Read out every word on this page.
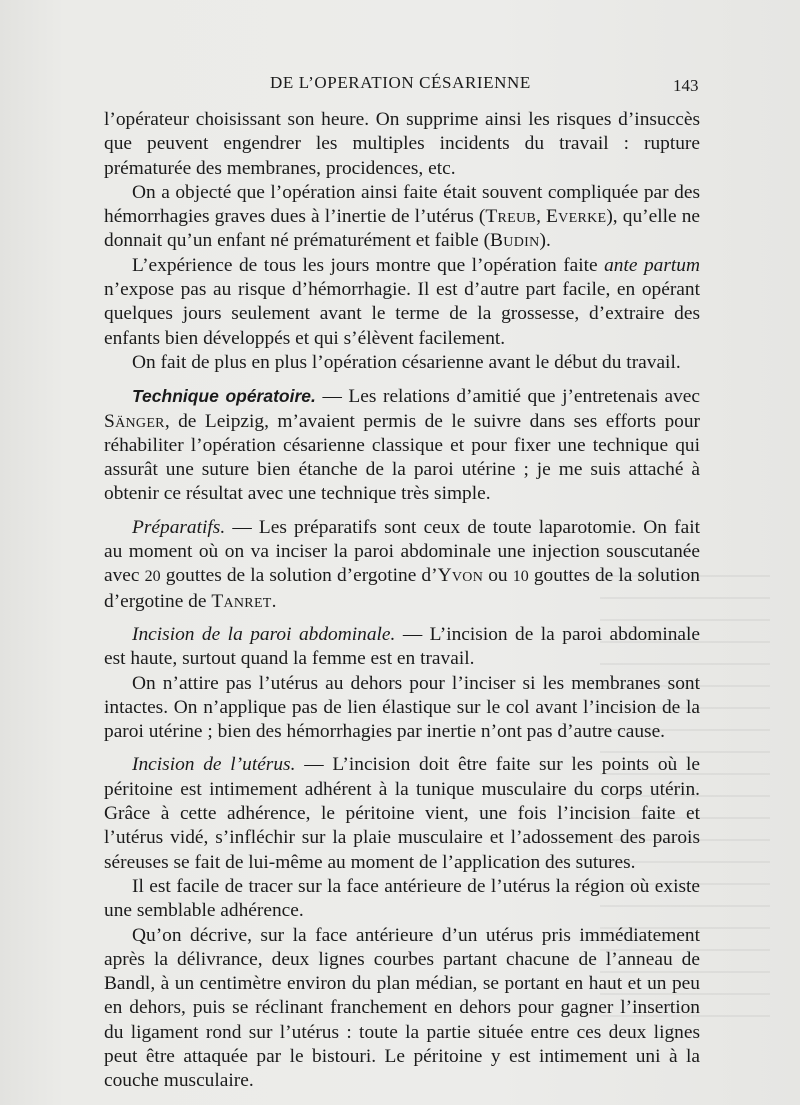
DE L’OPERATION CÉSARIENNE	143

l’opérateur choisissant son heure. On supprime ainsi les risques d’insuccès que peuvent engendrer les multiples incidents du travail : rupture prématurée des membranes, procidences, etc.

On a objecté que l’opération ainsi faite était souvent compliquée par des hémorrhagies graves dues à l’inertie de l’utérus (Treub, Everke), qu’elle ne donnait qu’un enfant né prématurément et faible (Budin).

L’expérience de tous les jours montre que l’opération faite ante partum n’expose pas au risque d’hémorrhagie. Il est d’autre part facile, en opérant quelques jours seulement avant le terme de la grossesse, d’extraire des enfants bien développés et qui s’élèvent facilement.

On fait de plus en plus l’opération césarienne avant le début du travail.

Technique opératoire. — Les relations d’amitié que j’entretenais avec Sänger, de Leipzig, m’avaient permis de le suivre dans ses efforts pour réhabiliter l’opération césarienne classique et pour fixer une technique qui assurât une suture bien étanche de la paroi utérine ; je me suis attaché à obtenir ce résultat avec une technique très simple.

Préparatifs. — Les préparatifs sont ceux de toute laparotomie. On fait au moment où on va inciser la paroi abdominale une injection souscutanée avec 20 gouttes de la solution d’ergotine d’Yvon ou 10 gouttes de la solution d’ergotine de Tanret.

Incision de la paroi abdominale. — L’incision de la paroi abdominale est haute, surtout quand la femme est en travail.

On n’attire pas l’utérus au dehors pour l’inciser si les membranes sont intactes. On n’applique pas de lien élastique sur le col avant l’incision de la paroi utérine ; bien des hémorrhagies par inertie n’ont pas d’autre cause.

Incision de l’utérus. — L’incision doit être faite sur les points où le péritoine est intimement adhérent à la tunique musculaire du corps utérin. Grâce à cette adhérence, le péritoine vient, une fois l’incision faite et l’utérus vidé, s’infléchir sur la plaie musculaire et l’adossement des parois séreuses se fait de lui-même au moment de l’application des sutures.

Il est facile de tracer sur la face antérieure de l’utérus la région où existe une semblable adhérence.

Qu’on décrive, sur la face antérieure d’un utérus pris immédiatement après la délivrance, deux lignes courbes partant chacune de l’anneau de Bandl, à un centimètre environ du plan médian, se portant en haut et un peu en dehors, puis se réclinant franchement en dehors pour gagner l’insertion du ligament rond sur l’utérus : toute la partie située entre ces deux lignes peut être attaquée par le bistouri. Le péritoine y est intimement uni à la couche musculaire.
